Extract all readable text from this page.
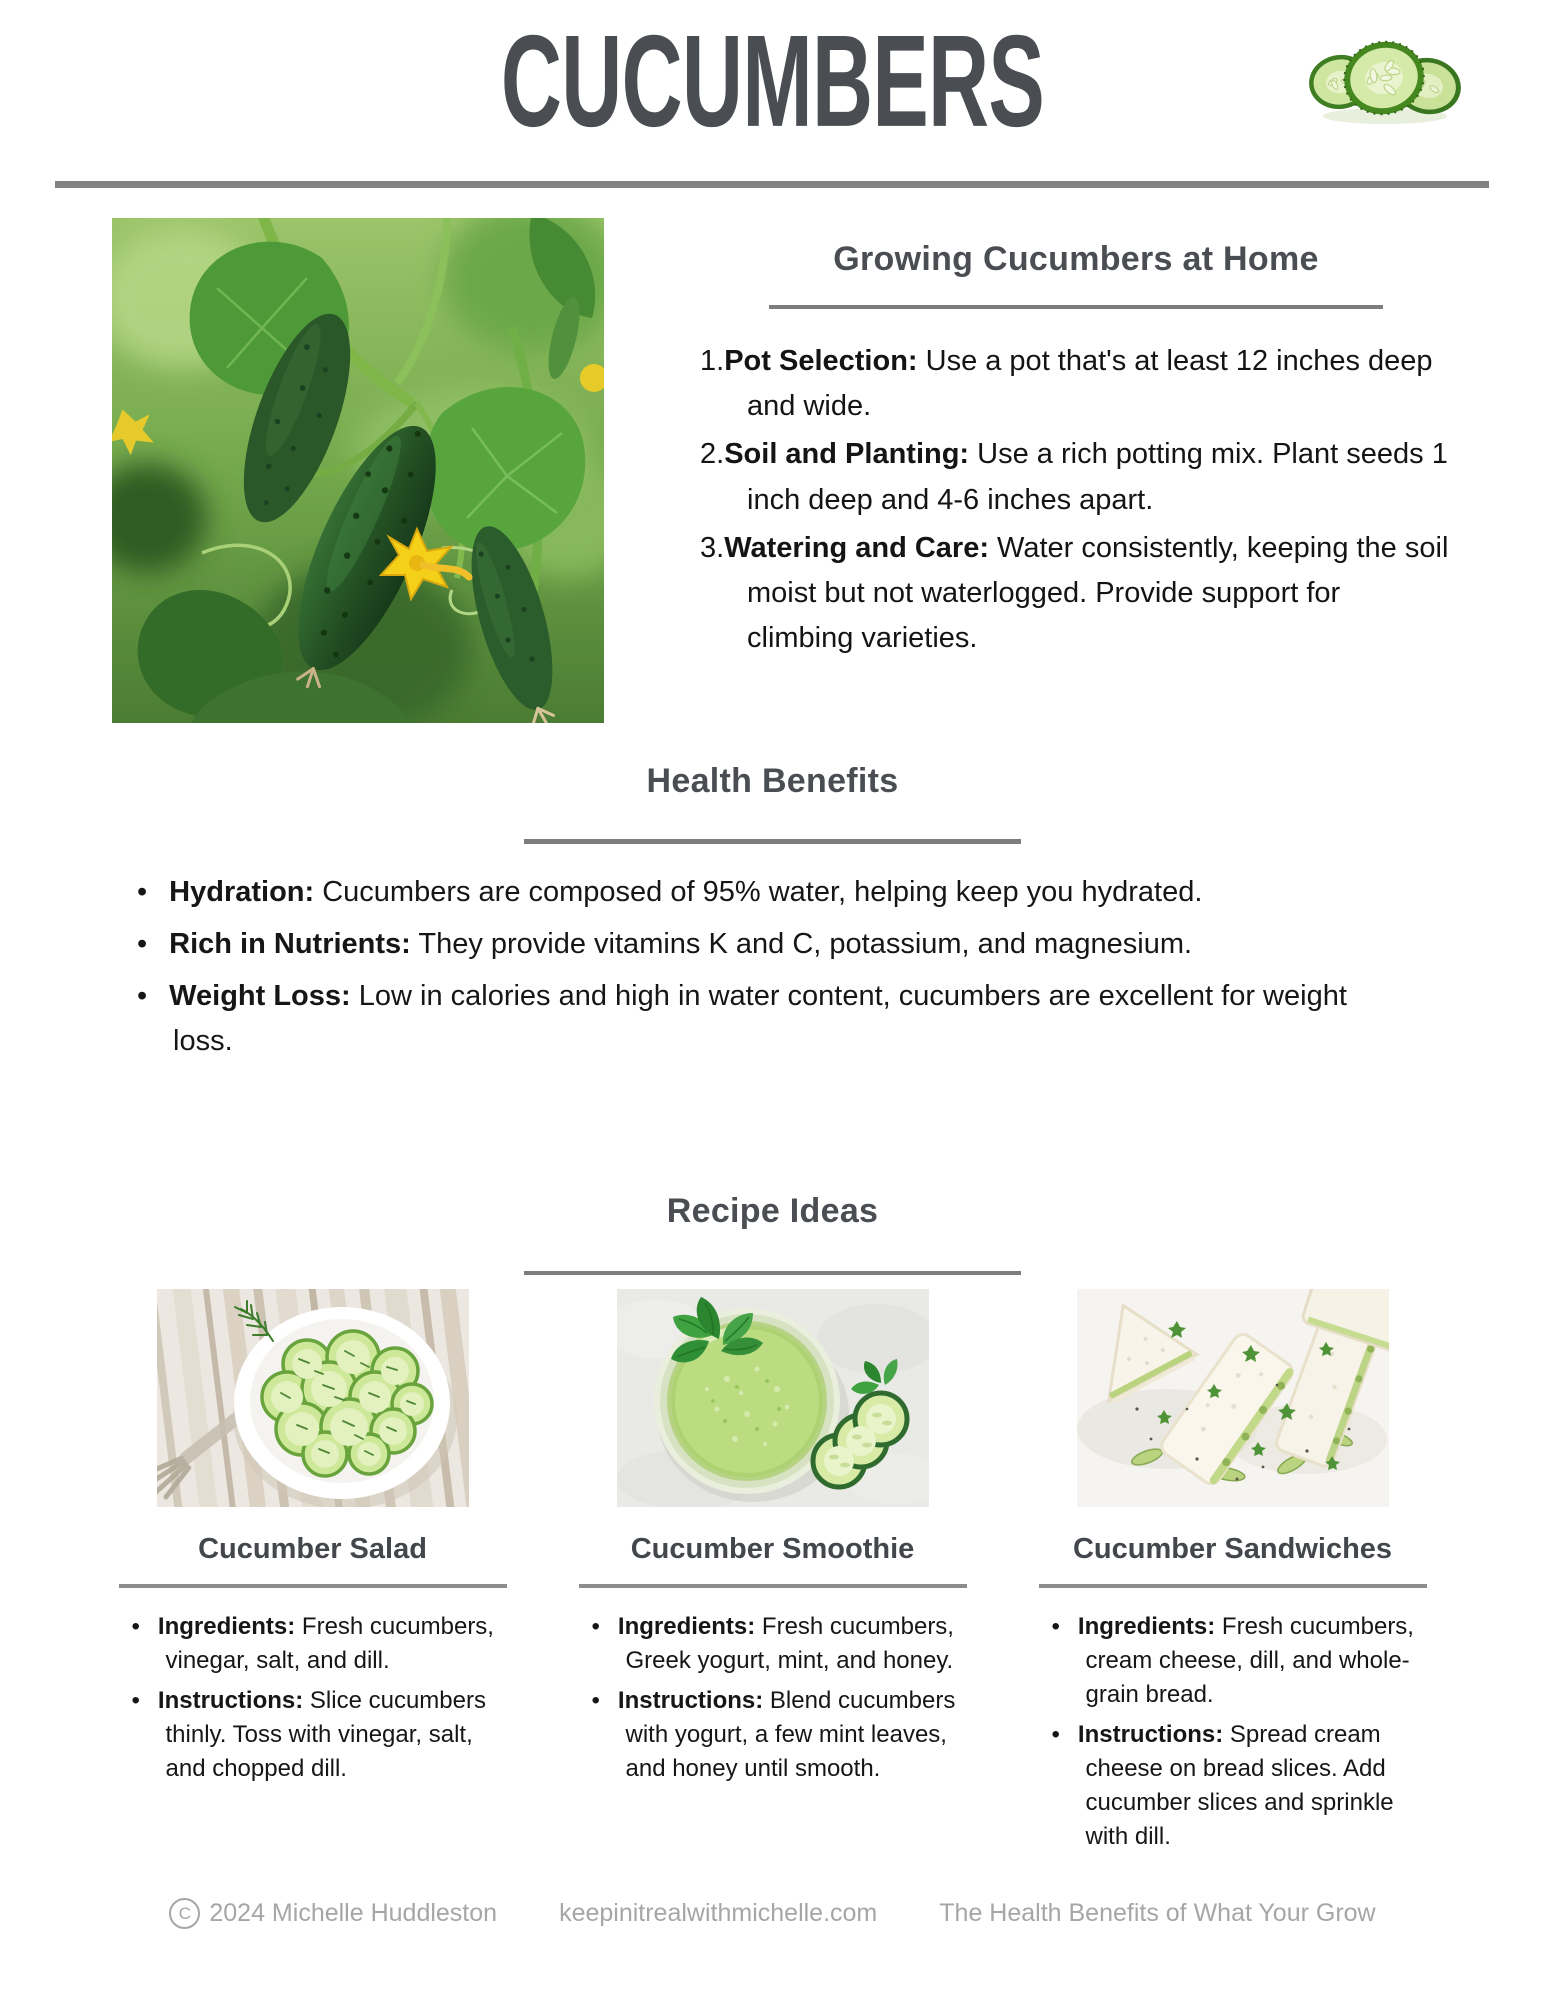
CUCUMBERS
Growing Cucumbers at Home
Pot Selection: Use a pot that's at least 12 inches deep and wide.
Soil and Planting: Use a rich potting mix. Plant seeds 1 inch deep and 4-6 inches apart.
Watering and Care: Water consistently, keeping the soil moist but not waterlogged. Provide support for climbing varieties.
Health Benefits
• Hydration: Cucumbers are composed of 95% water, helping keep you hydrated.
• Rich in Nutrients: They provide vitamins K and C, potassium, and magnesium.
• Weight Loss: Low in calories and high in water content, cucumbers are excellent for weight loss.
Recipe Ideas
Cucumber Salad
• Ingredients: Fresh cucumbers, vinegar, salt, and dill.
• Instructions: Slice cucumbers thinly. Toss with vinegar, salt, and chopped dill.
Cucumber Smoothie
• Ingredients: Fresh cucumbers, Greek yogurt, mint, and honey.
• Instructions: Blend cucumbers with yogurt, a few mint leaves, and honey until smooth.
Cucumber Sandwiches
• Ingredients: Fresh cucumbers, cream cheese, dill, and whole-grain bread.
• Instructions: Spread cream cheese on bread slices. Add cucumber slices and sprinkle with dill.
C 2024 Michelle Huddleston keepinitrealwithmichelle.com The Health Benefits of What Your Grow
